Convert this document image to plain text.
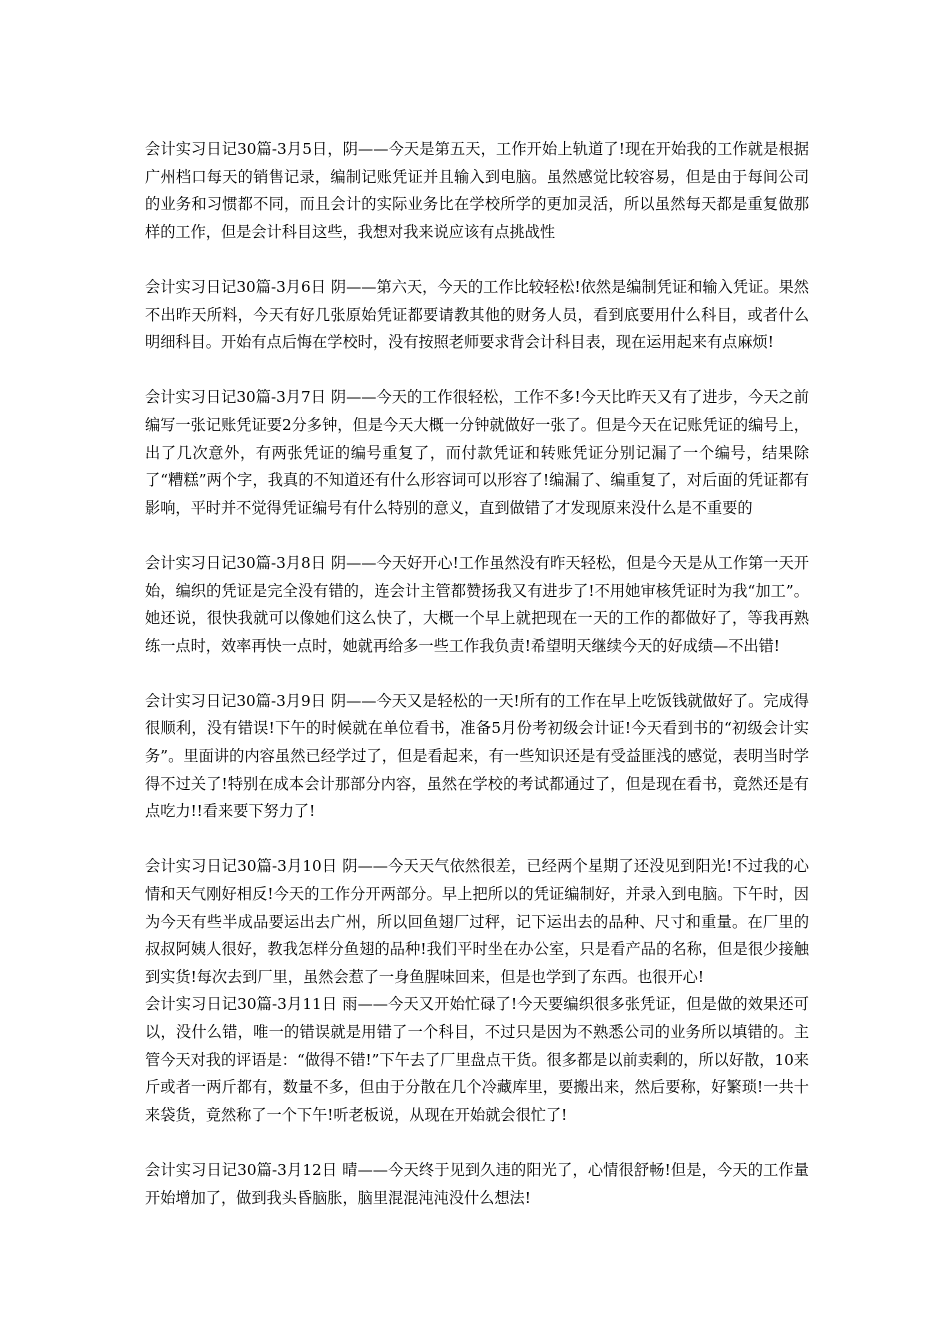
会计实习日记30篇-3月5日，阴——今天是第五天，工作开始上轨道了!现在开始我的工作就是根据广州档口每天的销售记录，编制记账凭证并且输入到电脑。虽然感觉比较容易，但是由于每间公司的业务和习惯都不同，而且会计的实际业务比在学校所学的更加灵活，所以虽然每天都是重复做那样的工作，但是会计科目这些，我想对我来说应该有点挑战性

会计实习日记30篇-3月6日 阴——第六天，今天的工作比较轻松!依然是编制凭证和输入凭证。果然不出昨天所料，今天有好几张原始凭证都要请教其他的财务人员，看到底要用什么科目，或者什么明细科目。开始有点后悔在学校时，没有按照老师要求背会计科目表，现在运用起来有点麻烦!

会计实习日记30篇-3月7日 阴——今天的工作很轻松，工作不多!今天比昨天又有了进步，今天之前编写一张记账凭证要2分多钟，但是今天大概一分钟就做好一张了。但是今天在记账凭证的编号上，出了几次意外，有两张凭证的编号重复了，而付款凭证和转账凭证分别记漏了一个编号，结果除了“糟糕”两个字，我真的不知道还有什么形容词可以形容了!编漏了、编重复了，对后面的凭证都有影响，平时并不觉得凭证编号有什么特别的意义，直到做错了才发现原来没什么是不重要的

会计实习日记30篇-3月8日 阴——今天好开心!工作虽然没有昨天轻松，但是今天是从工作第一天开始，编织的凭证是完全没有错的，连会计主管都赞扬我又有进步了!不用她审核凭证时为我“加工”。她还说，很快我就可以像她们这么快了，大概一个早上就把现在一天的工作的都做好了，等我再熟练一点时，效率再快一点时，她就再给多一些工作我负责!希望明天继续今天的好成绩—不出错!

会计实习日记30篇-3月9日 阴——今天又是轻松的一天!所有的工作在早上吃饭钱就做好了。完成得很顺利，没有错误!下午的时候就在单位看书，准备5月份考初级会计证!今天看到书的“初级会计实务”。里面讲的内容虽然已经学过了，但是看起来，有一些知识还是有受益匪浅的感觉，表明当时学得不过关了!特别在成本会计那部分内容，虽然在学校的考试都通过了，但是现在看书，竟然还是有点吃力!!看来要下努力了!

会计实习日记30篇-3月10日 阴——今天天气依然很差，已经两个星期了还没见到阳光!不过我的心情和天气刚好相反!今天的工作分开两部分。早上把所以的凭证编制好，并录入到电脑。下午时，因为今天有些半成品要运出去广州，所以回鱼翅厂过秤，记下运出去的品种、尺寸和重量。在厂里的叔叔阿姨人很好，教我怎样分鱼翅的品种!我们平时坐在办公室，只是看产品的名称，但是很少接触到实货!每次去到厂里，虽然会惹了一身鱼腥味回来，但是也学到了东西。也很开心!

会计实习日记30篇-3月11日 雨——今天又开始忙碌了!今天要编织很多张凭证，但是做的效果还可以，没什么错，唯一的错误就是用错了一个科目，不过只是因为不熟悉公司的业务所以填错的。主管今天对我的评语是：“做得不错!”下午去了厂里盘点干货。很多都是以前卖剩的，所以好散，10来斤或者一两斤都有，数量不多，但由于分散在几个冷藏库里，要搬出来，然后要称，好繁琐!一共十来袋货，竟然称了一个下午!听老板说，从现在开始就会很忙了!

会计实习日记30篇-3月12日 晴——今天终于见到久违的阳光了，心情很舒畅!但是，今天的工作量开始增加了，做到我头昏脑胀，脑里混混沌沌没什么想法!
